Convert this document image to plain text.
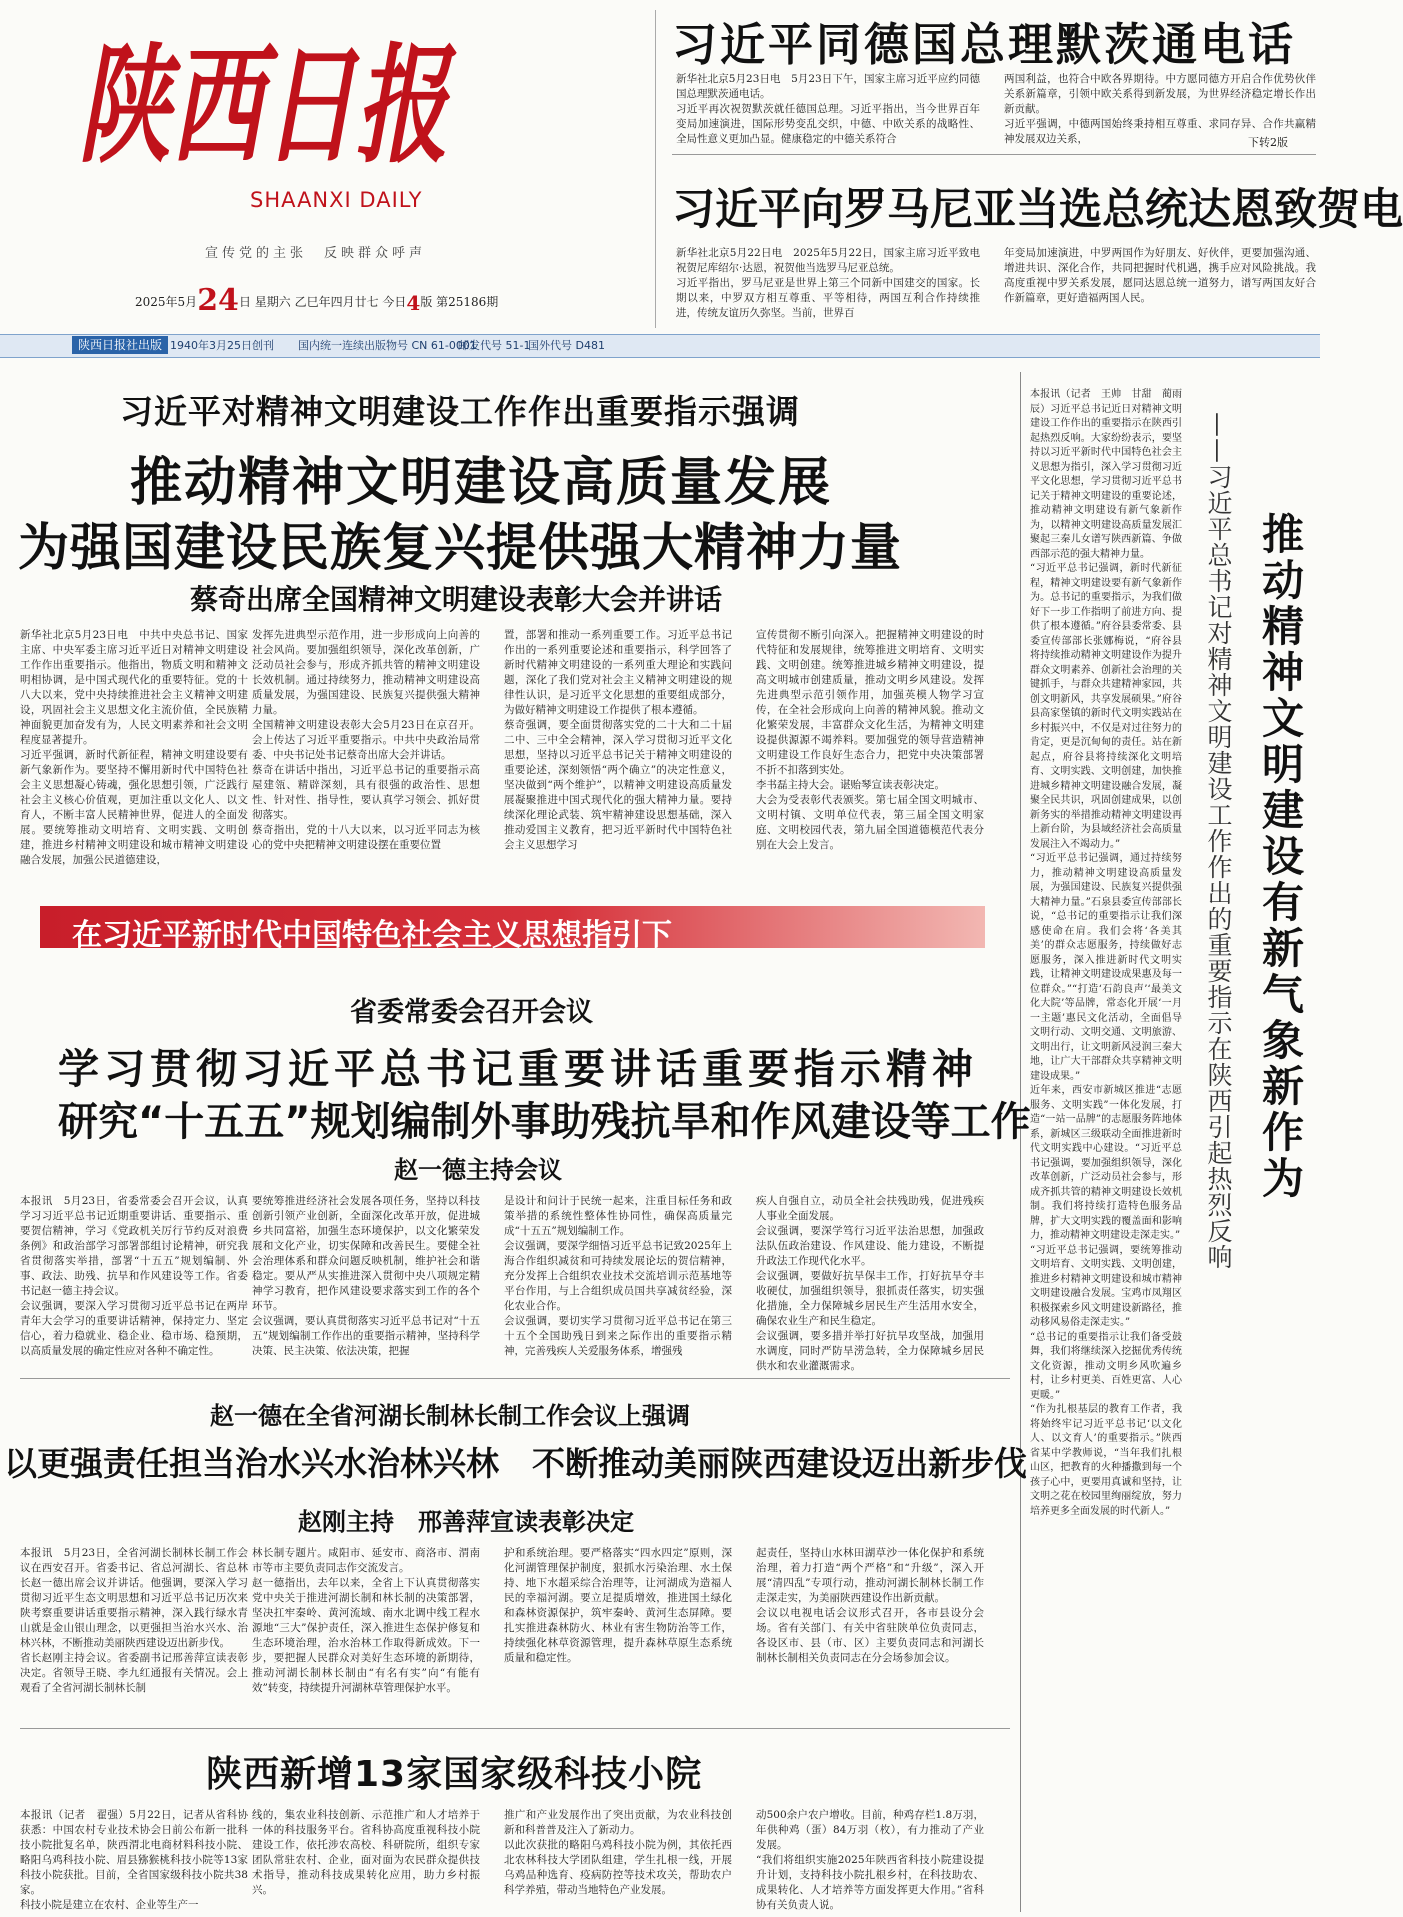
陕西日报
SHAANXI DAILY
宣传党的主张　反映群众呼声
2025年5月24日 星期六 乙巳年四月廿七 今日4版 第25186期
习近平同德国总理默茨通电话
新华社北京5月23日电　5月23日下午，国家主席习近平应约同德国总理默茨通电话。
习近平再次祝贺默茨就任德国总理。习近平指出，当今世界百年变局加速演进，国际形势变乱交织，中德、中欧关系的战略性、全局性意义更加凸显。健康稳定的中德关系符合
两国利益，也符合中欧各界期待。中方愿同德方开启合作优势伙伴关系新篇章，引领中欧关系得到新发展，为世界经济稳定增长作出新贡献。
习近平强调，中德两国始终秉持相互尊重、求同存异、合作共赢精神发展双边关系，	下转2版
习近平向罗马尼亚当选总统达恩致贺电
新华社北京5月22日电　2025年5月22日，国家主席习近平致电祝贺尼库绍尔·达恩，祝贺他当选罗马尼亚总统。
习近平指出，罗马尼亚是世界上第三个同新中国建交的国家。长期以来，中罗双方相互尊重、平等相待，两国互利合作持续推进，传统友谊历久弥坚。当前，世界百
年变局加速演进，中罗两国作为好朋友、好伙伴，更要加强沟通、增进共识、深化合作，共同把握时代机遇，携手应对风险挑战。我高度重视中罗关系发展，愿同达恩总统一道努力，谱写两国友好合作新篇章，更好造福两国人民。
陕西日报社出版 1940年3月25日创刊 国内统一连续出版物号 CN 61-0001
邮发代号 51-1
国外代号 D481
习近平对精神文明建设工作作出重要指示强调
推动精神文明建设高质量发展
为强国建设民族复兴提供强大精神力量
蔡奇出席全国精神文明建设表彰大会并讲话
新华社北京5月23日电　中共中央总书记、国家主席、中央军委主席习近平近日对精神文明建设工作作出重要指示。他指出，物质文明和精神文明相协调，是中国式现代化的重要特征。党的十八大以来，党中央持续推进社会主义精神文明建设，巩固社会主义思想文化主流价值，全民族精神面貌更加奋发有为，人民文明素养和社会文明程度显著提升。
习近平强调，新时代新征程，精神文明建设要有新气象新作为。要坚持不懈用新时代中国特色社会主义思想凝心铸魂，强化思想引领，广泛践行社会主义核心价值观，更加注重以文化人、以文育人，不断丰富人民精神世界，促进人的全面发展。要统筹推动文明培育、文明实践、文明创建，推进乡村精神文明建设和城市精神文明建设融合发展，加强公民道德建设，
发挥先进典型示范作用，进一步形成向上向善的社会风尚。要加强组织领导，深化改革创新，广泛动员社会参与，形成齐抓共管的精神文明建设长效机制。通过持续努力，推动精神文明建设高质量发展，为强国建设、民族复兴提供强大精神力量。
全国精神文明建设表彰大会5月23日在京召开。会上传达了习近平重要指示。中共中央政治局常委、中央书记处书记蔡奇出席大会并讲话。
蔡奇在讲话中指出，习近平总书记的重要指示高屋建瓴、精辟深刻，具有很强的政治性、思想性、针对性、指导性，要认真学习领会、抓好贯彻落实。
蔡奇指出，党的十八大以来，以习近平同志为核心的党中央把精神文明建设摆在重要位置
置，部署和推动一系列重要工作。习近平总书记作出的一系列重要论述和重要指示，科学回答了新时代精神文明建设的一系列重大理论和实践问题，深化了我们党对社会主义精神文明建设的规律性认识，是习近平文化思想的重要组成部分，为做好精神文明建设工作提供了根本遵循。
蔡奇强调，要全面贯彻落实党的二十大和二十届二中、三中全会精神，深入学习贯彻习近平文化思想，坚持以习近平总书记关于精神文明建设的重要论述，深刻领悟“两个确立”的决定性意义，坚决做到“两个维护”，以精神文明建设高质量发展凝聚推进中国式现代化的强大精神力量。要持续深化理论武装、筑牢精神建设思想基础，深入推动爱国主义教育，把习近平新时代中国特色社会主义思想学习
宣传贯彻不断引向深入。把握精神文明建设的时代特征和发展规律，统筹推进文明培育、文明实践、文明创建。统筹推进城乡精神文明建设，提高文明城市创建质量，推动文明乡风建设。发挥先进典型示范引领作用，加强英模人物学习宣传，在全社会形成向上向善的精神风貌。推动文化繁荣发展，丰富群众文化生活，为精神文明建设提供源源不竭养料。要加强党的领导营造精神文明建设工作良好生态合力，把党中央决策部署不折不扣落到实处。
李书磊主持大会。谌贻琴宣读表彰决定。
大会为受表彰代表颁奖。第七届全国文明城市、文明村镇、文明单位代表，第三届全国文明家庭、文明校园代表，第九届全国道德模范代表分别在大会上发言。
在习近平新时代中国特色社会主义思想指引下
省委常委会召开会议
学习贯彻习近平总书记重要讲话重要指示精神
研究“十五五”规划编制外事助残抗旱和作风建设等工作
赵一德主持会议
本报讯　5月23日，省委常委会召开会议，认真学习习近平总书记近期重要讲话、重要指示、重要贺信精神，学习《党政机关厉行节约反对浪费条例》和政治部学习部署部组讨论精神，研究我省贯彻落实举措，部署“十五五”规划编制、外事、政法、助残、抗旱和作风建设等工作。省委书记赵一德主持会议。
会议强调，要深入学习贯彻习近平总书记在两岸青年大会学习的重要讲话精神，保持定力、坚定信心，着力稳就业、稳企业、稳市场、稳预期，以高质量发展的确定性应对各种不确定性。
要统筹推进经济社会发展各项任务，坚持以科技创新引领产业创新，全面深化改革开放，促进城乡共同富裕，加强生态环境保护，以文化繁荣发展和文化产业，切实保障和改善民生。要健全社会治理体系和群众问题反映机制，维护社会和谐稳定。要从严从实推进深入贯彻中央八项规定精神学习教育，把作风建设要求落实到工作的各个环节。
会议强调，要认真贯彻落实习近平总书记对“十五五”规划编制工作作出的重要指示精神，坚持科学决策、民主决策、依法决策，把握
是设计和问计于民统一起来，注重目标任务和政策举措的系统性整体性协同性，确保高质量完成“十五五”规划编制工作。
会议强调，要深学细悟习近平总书记致2025年上海合作组织减贫和可持续发展论坛的贺信精神，充分发挥上合组织农业技术交流培训示范基地等平台作用，与上合组织成员国共享减贫经验，深化农业合作。
会议强调，要切实学习贯彻习近平总书记在第三十五个全国助残日到来之际作出的重要指示精神，完善残疾人关爱服务体系，增强残
疾人自强自立，动员全社会扶残助残，促进残疾人事业全面发展。
会议强调，要深学笃行习近平法治思想，加强政法队伍政治建设、作风建设、能力建设，不断提升政法工作现代化水平。
会议强调，要做好抗旱保丰工作，打好抗旱夺丰收硬仗，加强组织领导，狠抓责任落实，切实强化措施，全力保障城乡居民生产生活用水安全，确保农业生产和民生稳定。
会议强调，要多措并举打好抗旱攻坚战，加强用水调度，同时严防旱涝急转，全力保障城乡居民供水和农业灌溉需求。
赵一德在全省河湖长制林长制工作会议上强调
以更强责任担当治水兴水治林兴林　不断推动美丽陕西建设迈出新步伐
赵刚主持　邢善萍宣读表彰决定
本报讯　5月23日，全省河湖长制林长制工作会议在西安召开。省委书记、省总河湖长、省总林长赵一德出席会议并讲话。他强调，要深入学习贯彻习近平生态文明思想和习近平总书记历次来陕考察重要讲话重要指示精神，深入践行绿水青山就是金山银山理念，以更强担当治水兴水、治林兴林，不断推动美丽陕西建设迈出新步伐。
省长赵刚主持会议。省委副书记邢善萍宣读表彰决定。省领导王晓、李九红通报有关情况。会上观看了全省河湖长制林长制
林长制专题片。咸阳市、延安市、商洛市、渭南市等市主要负责同志作交流发言。
赵一德指出，去年以来，全省上下认真贯彻落实党中央关于推进河湖长制和林长制的决策部署，坚决扛牢秦岭、黄河流域、南水北调中线工程水源地“三大”保护责任，深入推进生态保护修复和生态环境治理，治水治林工作取得新成效。下一步，要把握人民群众对美好生态环境的新期待，推动河湖长制林长制由“有名有实”向“有能有效”转变，持续提升河湖林草管理保护水平。
护和系统治理。要严格落实“四水四定”原则，深化河湖管理保护制度，狠抓水污染治理、水土保持、地下水超采综合治理等，让河湖成为造福人民的幸福河湖。要立足提质增效，推进国土绿化和森林资源保护，筑牢秦岭、黄河生态屏障。要扎实推进森林防火、林业有害生物防治等工作，持续强化林草资源管理，提升森林草原生态系统质量和稳定性。
起责任，坚持山水林田湖草沙一体化保护和系统治理，着力打造“两个严格”和“升级”，深入开展“清四乱”专项行动，推动河湖长制林长制工作走深走实，为美丽陕西建设作出新贡献。
会议以电视电话会议形式召开，各市县设分会场。省有关部门、有关中省驻陕单位负责同志，各设区市、县（市、区）主要负责同志和河湖长制林长制相关负责同志在分会场参加会议。
陕西新增13家国家级科技小院
本报讯（记者　翟强）5月22日，记者从省科协获悉：中国农村专业技术协会日前公布新一批科技小院批复名单，陕西渭北电商材料科技小院、略阳乌鸡科技小院、眉县猕猴桃科技小院等13家科技小院获批。目前，全省国家级科技小院共38家。
科技小院是建立在农村、企业等生产一
线的，集农业科技创新、示范推广和人才培养于一体的科技服务平台。省科协高度重视科技小院建设工作，依托涉农高校、科研院所，组织专家团队常驻农村、企业，面对面为农民群众提供技术指导，推动科技成果转化应用，助力乡村振兴。
推广和产业发展作出了突出贡献，为农业科技创新和科普普及注入了新动力。
以此次获批的略阳乌鸡科技小院为例，其依托西北农林科技大学团队组建，学生扎根一线，开展乌鸡品种选育、疫病防控等技术攻关，帮助农户科学养殖，带动当地特色产业发展。
动500余户农户增收。目前，种鸡存栏1.8万羽，年供种鸡（蛋）84万羽（枚），有力推动了产业发展。
“我们将组织实施2025年陕西省科技小院建设提升计划，支持科技小院扎根乡村，在科技助农、成果转化、人才培养等方面发挥更大作用。”省科协有关负责人说。
推动精神文明建设有新气象新作为
——习近平总书记对精神文明建设工作作出的重要指示在陕西引起热烈反响
本报讯（记者　王帅　甘甜　蔺雨辰）习近平总书记近日对精神文明建设工作作出的重要指示在陕西引起热烈反响。大家纷纷表示，要坚持以习近平新时代中国特色社会主义思想为指引，深入学习贯彻习近平文化思想，学习贯彻习近平总书记关于精神文明建设的重要论述，推动精神文明建设有新气象新作为，以精神文明建设高质量发展汇聚起三秦儿女谱写陕西新篇、争做西部示范的强大精神力量。
“习近平总书记强调，新时代新征程，精神文明建设要有新气象新作为。总书记的重要指示，为我们做好下一步工作指明了前进方向、提供了根本遵循。”府谷县委常委、县委宣传部部长张娜梅说，“府谷县将持续推动精神文明建设作为提升群众文明素养、创新社会治理的关键抓手，与群众共建精神家园，共创文明新风，共享发展硕果。”府谷县高家堡镇的新时代文明实践站在乡村振兴中，不仅是对过往努力的肯定，更是沉甸甸的责任。站在新起点，府谷县将持续深化文明培育、文明实践、文明创建，加快推进城乡精神文明建设融合发展，凝聚全民共识，巩固创建成果，以创新务实的举措推动精神文明建设再上新台阶，为县域经济社会高质量发展注入不竭动力。”
“习近平总书记强调，通过持续努力，推动精神文明建设高质量发展，为强国建设、民族复兴提供强大精神力量。”石泉县委宣传部部长说，“总书记的重要指示让我们深感使命在肩。我们会将‘各美其美’的群众志愿服务，持续做好志愿服务，深入推进新时代文明实践，让精神文明建设成果惠及每一位群众。”“打造‘石韵良声’‘最美文化大院’等品牌，常态化开展‘一月一主题’惠民文化活动，全面倡导文明行动、文明交通、文明旅游、文明出行，让文明新风浸润三秦大地，让广大干部群众共享精神文明建设成果。”
近年来，西安市新城区推进“志愿服务、文明实践”一体化发展，打造“一站一品牌”的志愿服务阵地体系，新城区三级联动全面推进新时代文明实践中心建设。“习近平总书记强调，要加强组织领导，深化改革创新，广泛动员社会参与，形成齐抓共管的精神文明建设长效机制。我们将持续打造特色服务品牌，扩大文明实践的覆盖面和影响力，推动精神文明建设走深走实。”
“习近平总书记强调，要统筹推动文明培育、文明实践、文明创建，推进乡村精神文明建设和城市精神文明建设融合发展。宝鸡市凤翔区积极探索乡风文明建设新路径，推动移风易俗走深走实。”
“总书记的重要指示让我们备受鼓舞，我们将继续深入挖掘优秀传统文化资源，推动文明乡风吹遍乡村，让乡村更美、百姓更富、人心更暖。”
“作为扎根基层的教育工作者，我将始终牢记习近平总书记‘以文化人、以文育人’的重要指示。”陕西省某中学教师说，“当年我们扎根山区，把教育的火种播撒到每一个孩子心中，更要用真诚和坚持，让文明之花在校园里绚丽绽放，努力培养更多全面发展的时代新人。”
